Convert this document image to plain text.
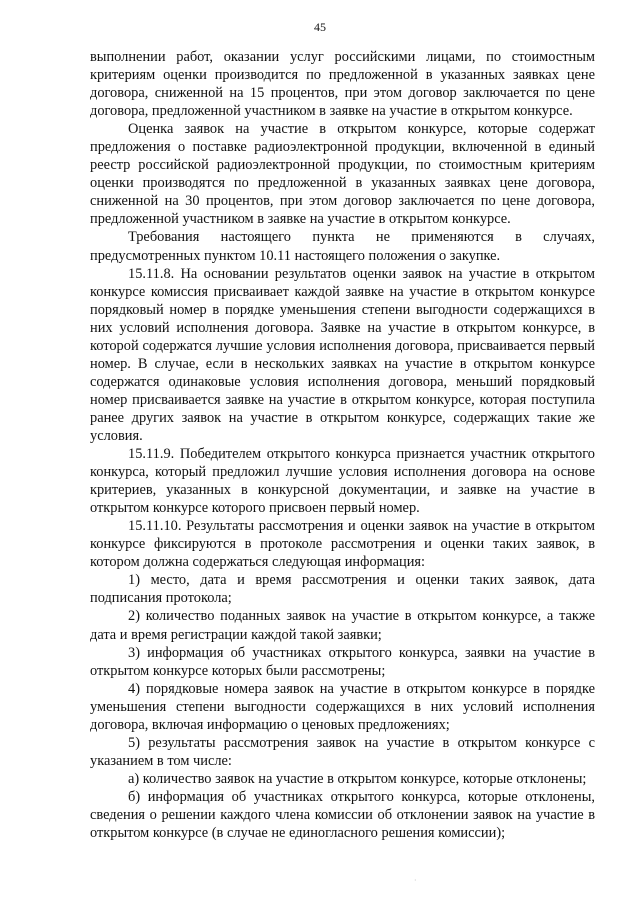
45

выполнении работ, оказании услуг российскими лицами, по стоимостным критериям оценки производится по предложенной в указанных заявках цене договора, сниженной на 15 процентов, при этом договор заключается по цене договора, предложенной участником в заявке на участие в открытом конкурсе.

Оценка заявок на участие в открытом конкурсе, которые содержат предложения о поставке радиоэлектронной продукции, включенной в единый реестр российской радиоэлектронной продукции, по стоимостным критериям оценки производятся по предложенной в указанных заявках цене договора, сниженной на 30 процентов, при этом договор заключается по цене договора, предложенной участником в заявке на участие в открытом конкурсе.

Требования настоящего пункта не применяются в случаях, предусмотренных пунктом 10.11 настоящего положения о закупке.

15.11.8. На основании результатов оценки заявок на участие в открытом конкурсе комиссия присваивает каждой заявке на участие в открытом конкурсе порядковый номер в порядке уменьшения степени выгодности содержащихся в них условий исполнения договора. Заявке на участие в открытом конкурсе, в которой содержатся лучшие условия исполнения договора, присваивается первый номер. В случае, если в нескольких заявках на участие в открытом конкурсе содержатся одинаковые условия исполнения договора, меньший порядковый номер присваивается заявке на участие в открытом конкурсе, которая поступила ранее других заявок на участие в открытом конкурсе, содержащих такие же условия.

15.11.9. Победителем открытого конкурса признается участник открытого конкурса, который предложил лучшие условия исполнения договора на основе критериев, указанных в конкурсной документации, и заявке на участие в открытом конкурсе которого присвоен первый номер.

15.11.10. Результаты рассмотрения и оценки заявок на участие в открытом конкурсе фиксируются в протоколе рассмотрения и оценки таких заявок, в котором должна содержаться следующая информация:

1) место, дата и время рассмотрения и оценки таких заявок, дата подписания протокола;

2) количество поданных заявок на участие в открытом конкурсе, а также дата и время регистрации каждой такой заявки;

3) информация об участниках открытого конкурса, заявки на участие в открытом конкурсе которых были рассмотрены;

4) порядковые номера заявок на участие в открытом конкурсе в порядке уменьшения степени выгодности содержащихся в них условий исполнения договора, включая информацию о ценовых предложениях;

5) результаты рассмотрения заявок на участие в открытом конкурсе с указанием в том числе:

а) количество заявок на участие в открытом конкурсе, которые отклонены;

б) информация об участниках открытого конкурса, которые отклонены, сведения о решении каждого члена комиссии об отклонении заявок на участие в открытом конкурсе (в случае не единогласного решения комиссии);

·
